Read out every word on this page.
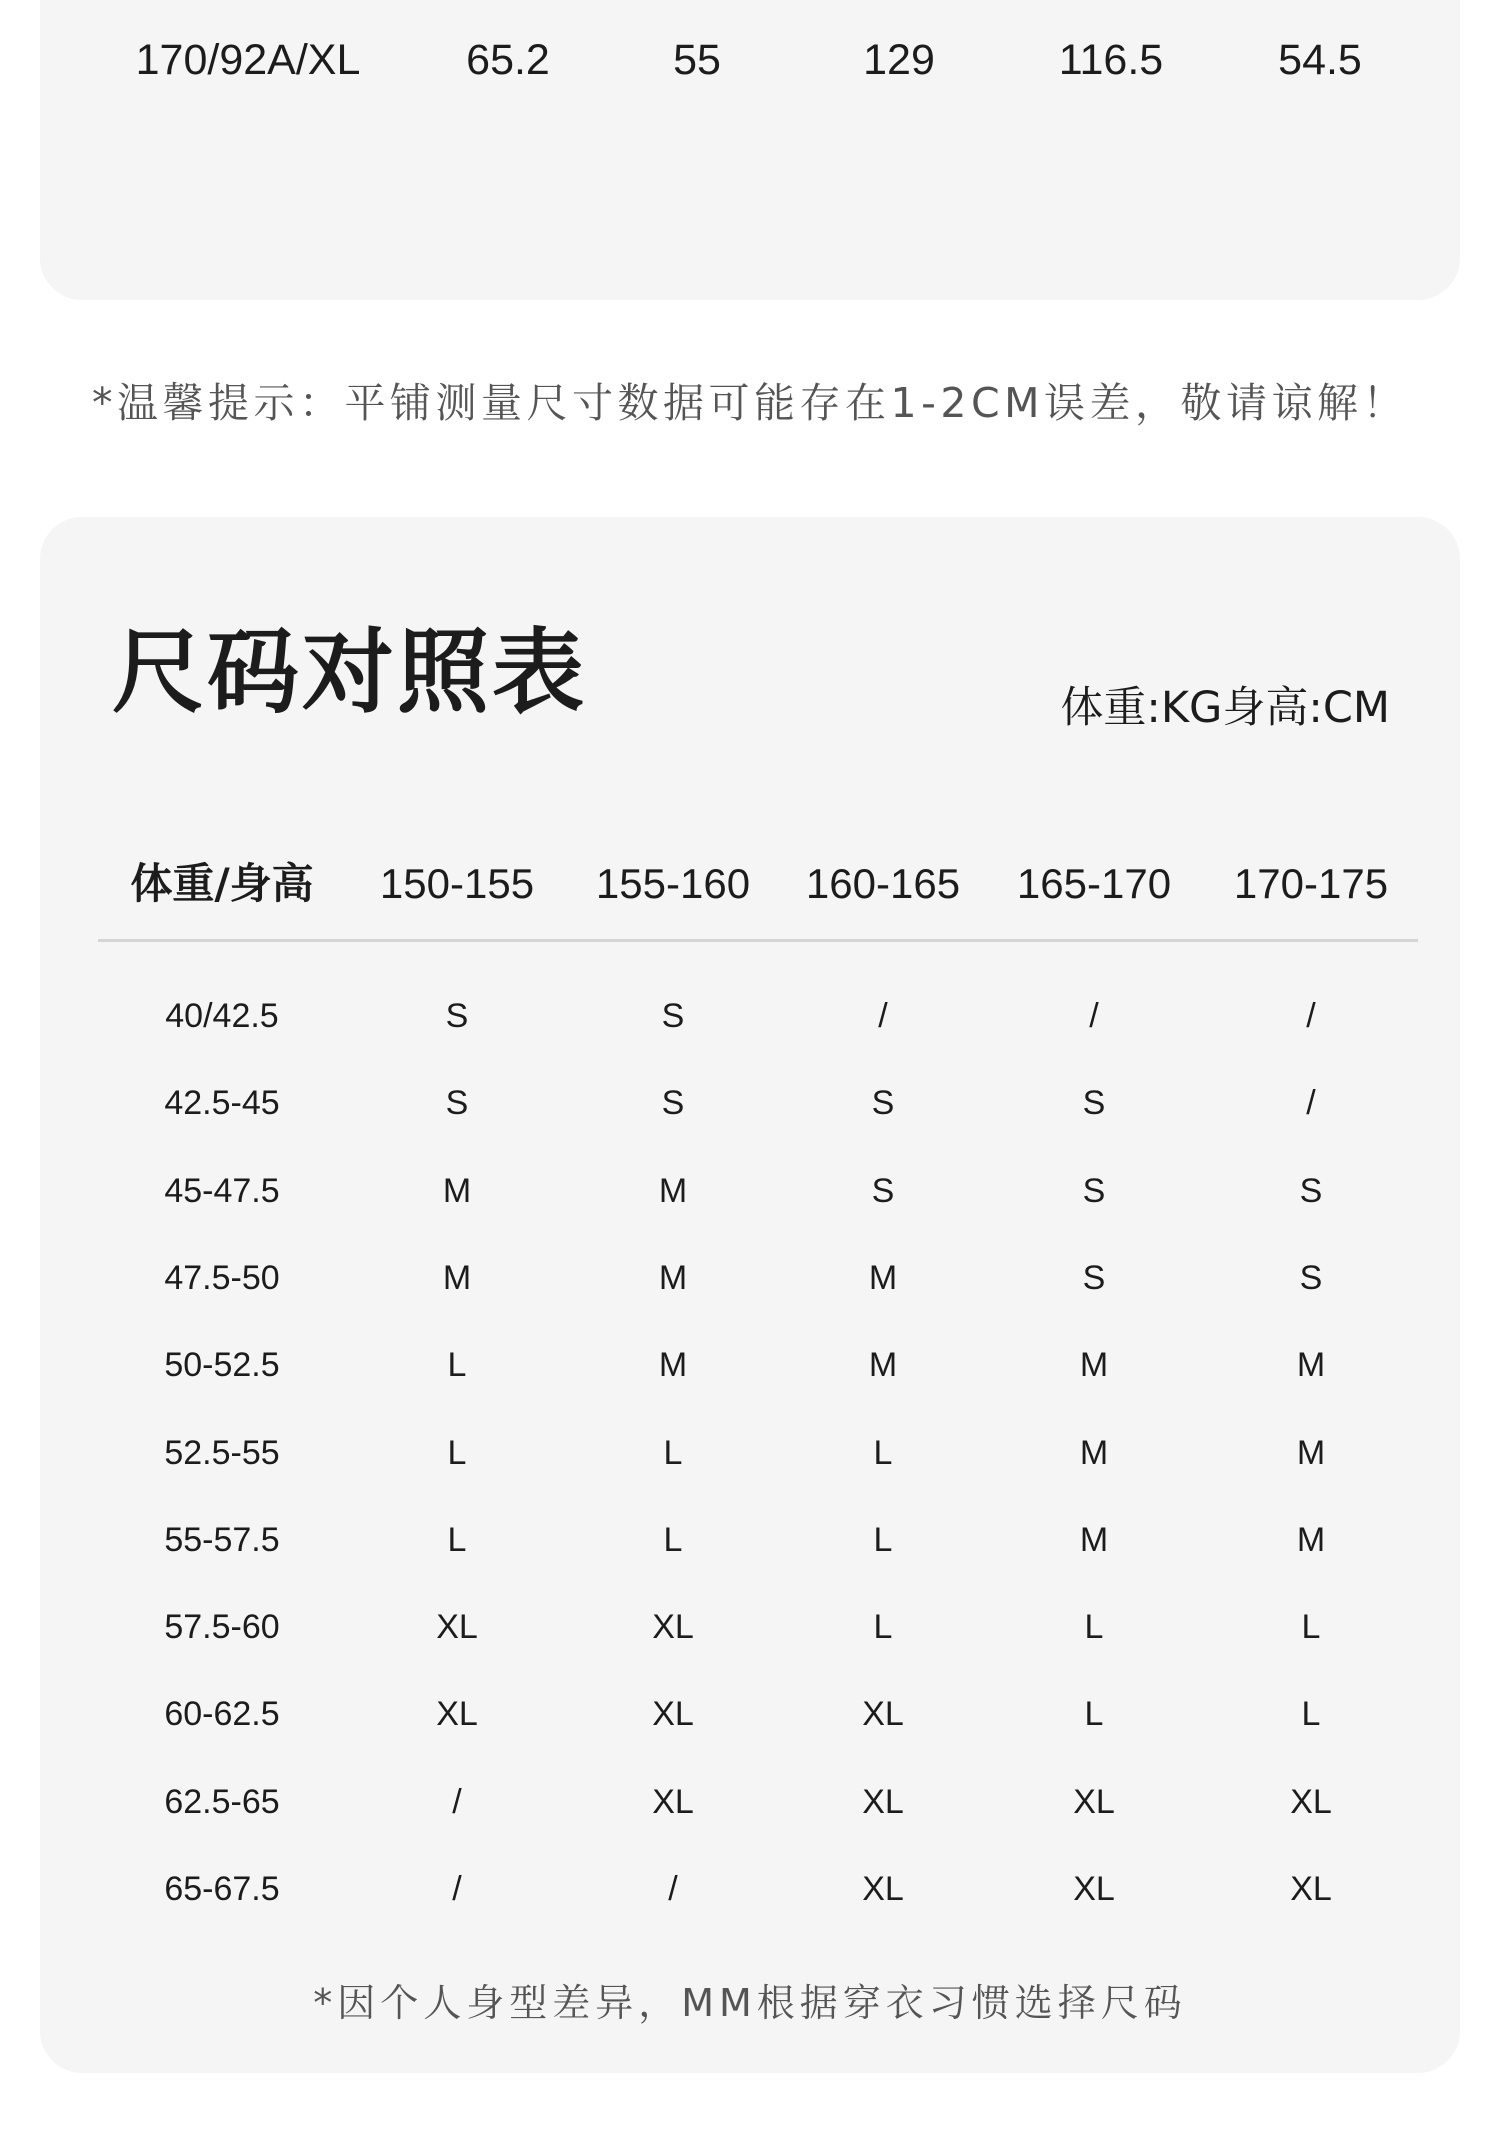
170/92A/XL 65.2	55	129	116.5	54.5
*温馨提示：平铺测量尺寸数据可能存在1-2CM误差，敬请谅解！
尺码对照表	体重:KG身高:CM
体重/身高 150-155 155-160 160-165 165-170 170-175
40/42.5	S	S	/	/	/
42.5-45	S	S	S	S	/
45-47.5	M	M	S	S	S
47.5-50	M	M	M	S	S
50-52.5	L	M	M	M	M
52.5-55	L	L	L	M	M
55-57.5	L	L	L	M	M
57.5-60	XL	XL	L	L	L
60-62.5	XL	XL	XL	L	L
62.5-65	/	XL	XL	XL	XL
65-67.5	/	/	XL	XL	XL
*因个人身型差异，MM根据穿衣习惯选择尺码
